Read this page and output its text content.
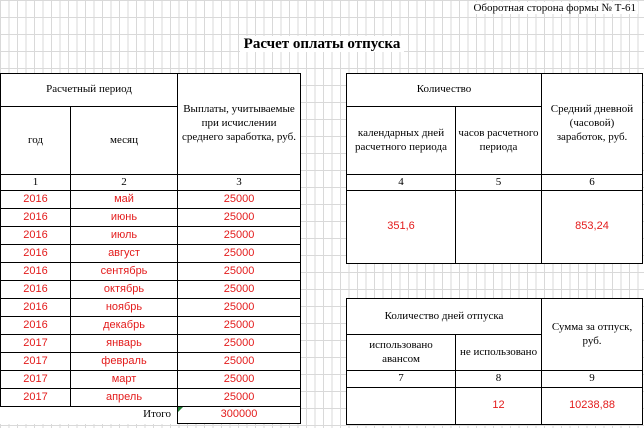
Оборотная сторона формы № Т-61
Расчет оплаты отпуска
Расчетный период		Выплаты, учитываемые при исчислении среднего заработка, руб.
год	месяц	
1	2	3
2016	май	25000
2016	июнь	25000
2016	июль	25000
2016	август	25000
2016	сентябрь	25000
2016	октябрь	25000
2016	ноябрь	25000
2016	декабрь	25000
2017	январь	25000
2017	февраль	25000
2017	март	25000
2017	апрель	25000
Итого		300000
Количество		Средний дневной (часовой) заработок, руб.
календарных дней расчетного периода	часов расчетного периода	
4	5	6
351,6		853,24
Количество дней отпуска		Сумма за отпуск, руб.
использовано авансом	не использовано	
7	8	9
	12	10238,88
